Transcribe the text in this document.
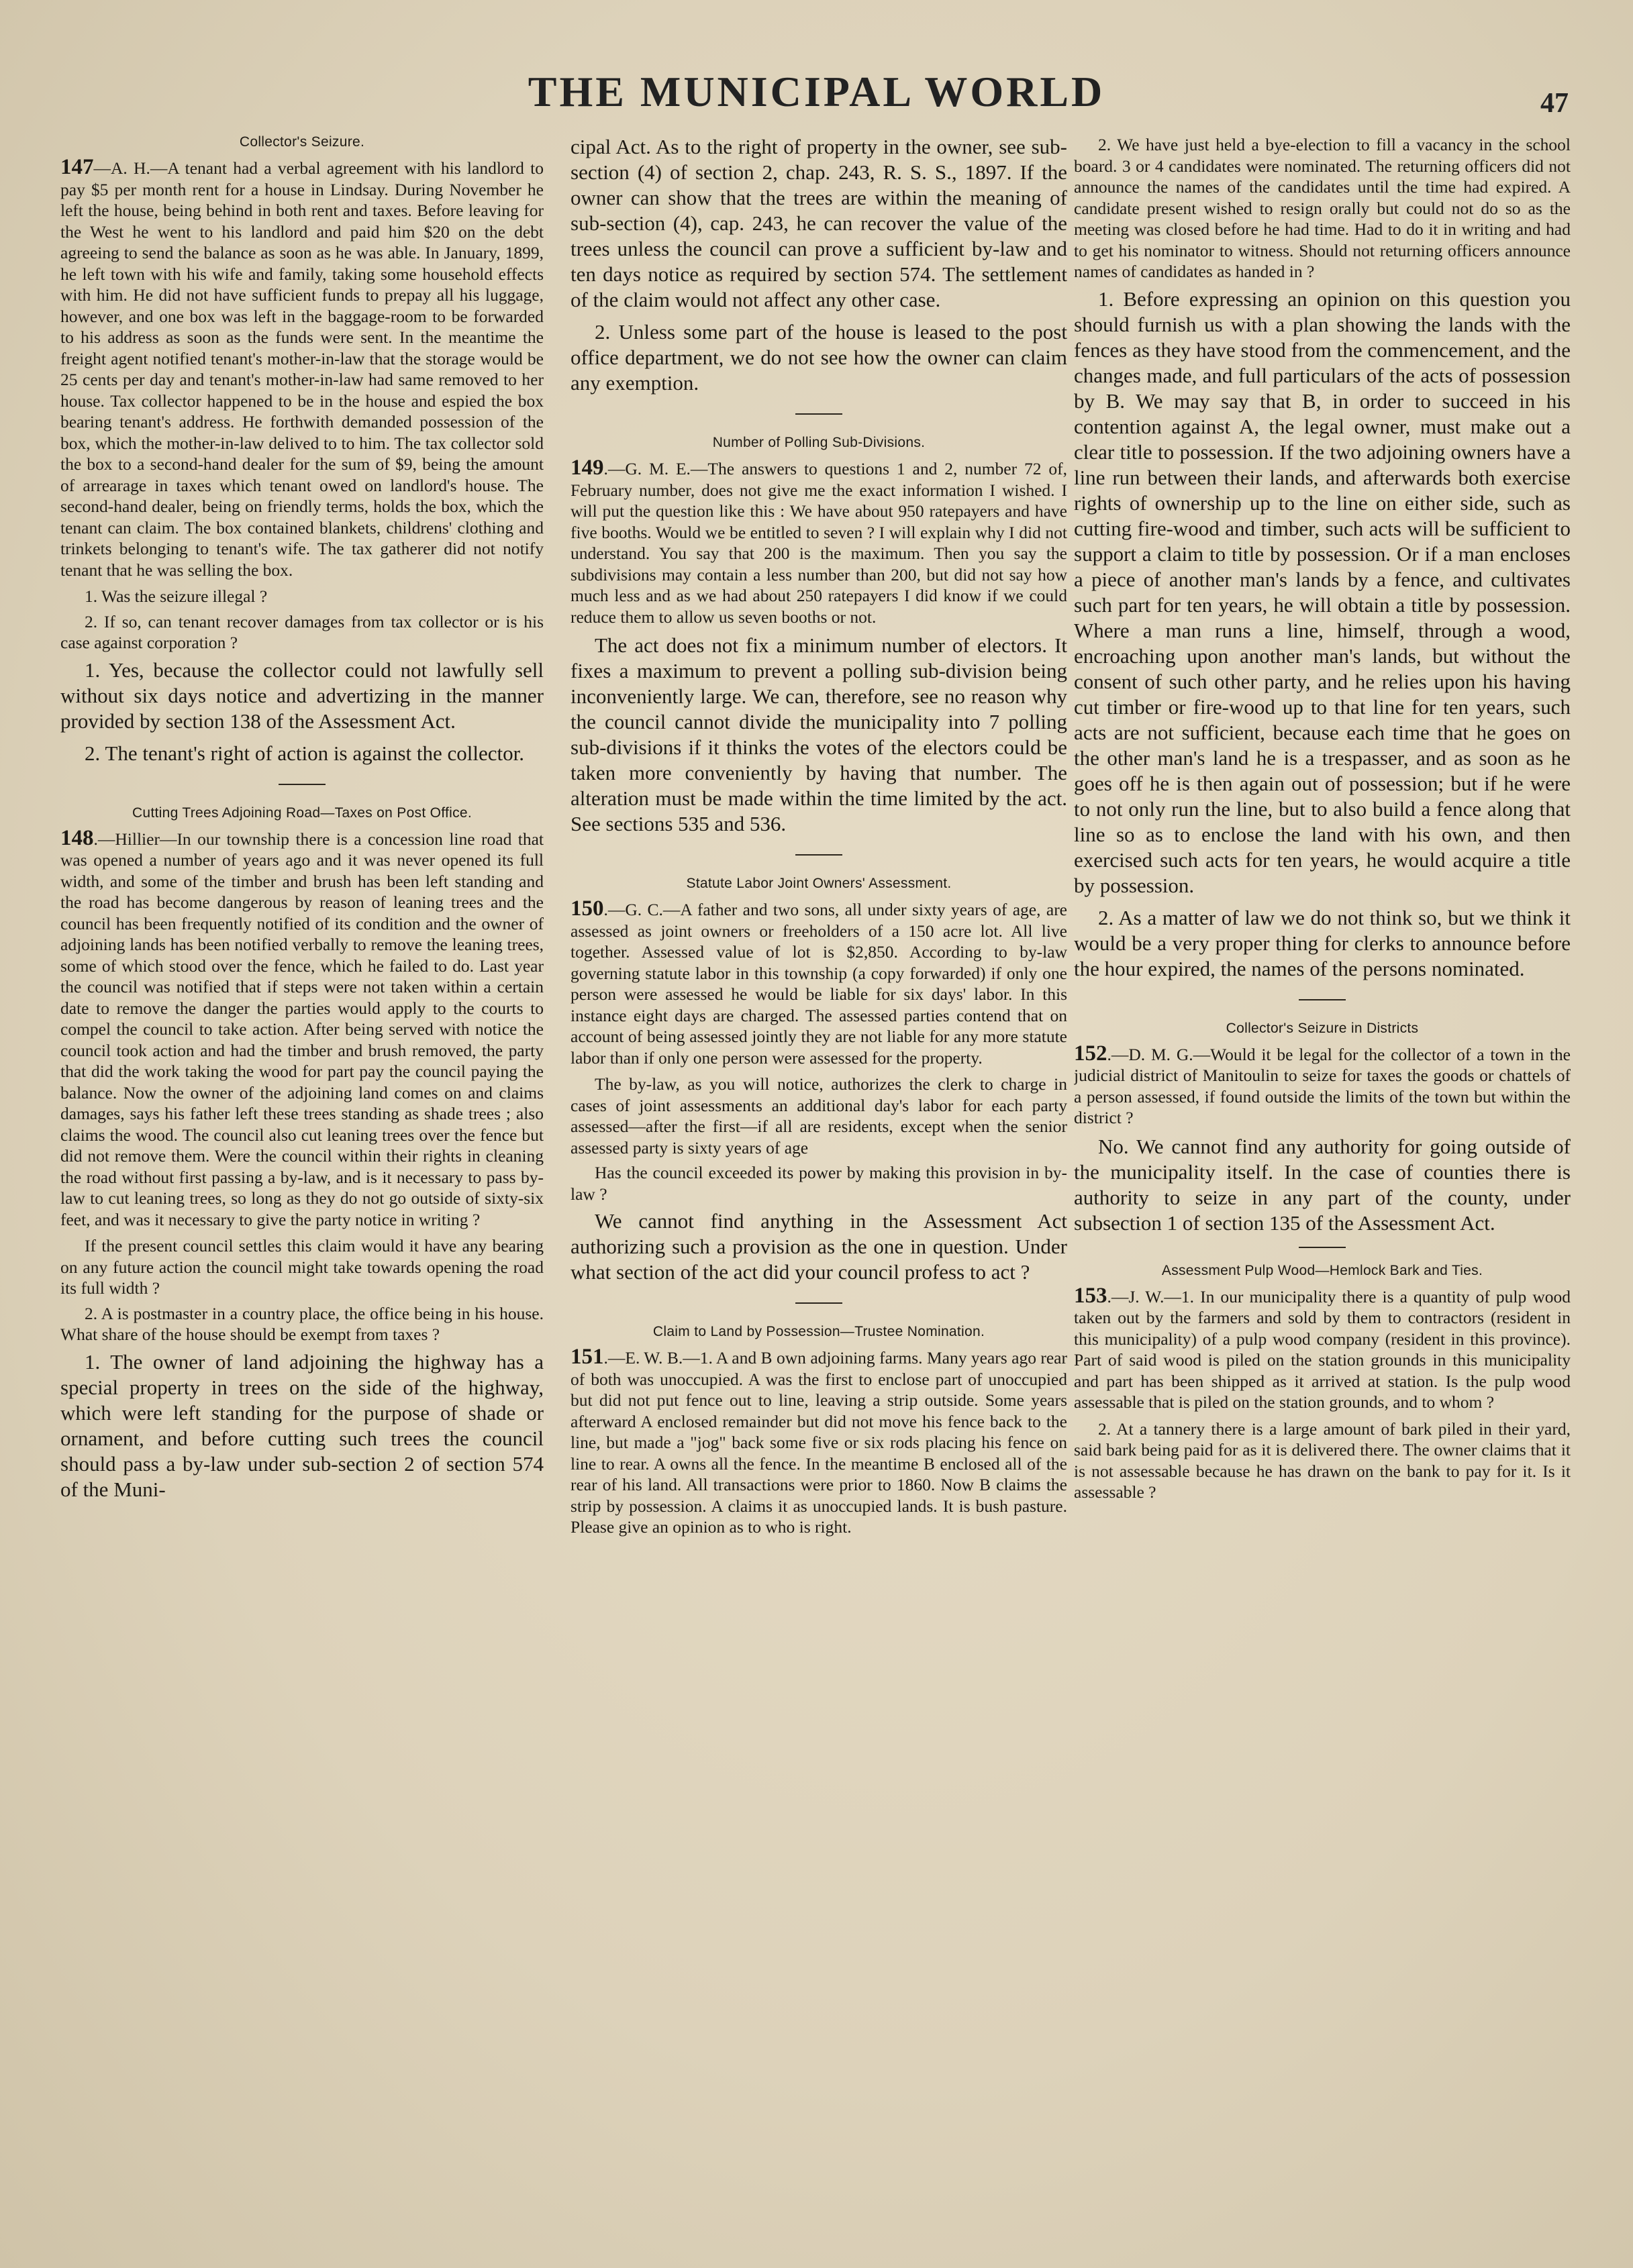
THE MUNICIPAL WORLD	47
Collector's Seizure.

147—A. H.—A tenant had a verbal agreement with his landlord to pay $5 per month rent for a house in Lindsay. During November he left the house, being behind in both rent and taxes. Before leaving for the West he went to his landlord and paid him $20 on the debt agreeing to send the balance as soon as he was able. In January, 1899, he left town with his wife and family, taking some household effects with him. He did not have sufficient funds to prepay all his luggage, however, and one box was left in the baggage-room to be forwarded to his address as soon as the funds were sent. In the meantime the freight agent notified tenant's mother-in-law that the storage would be 25 cents per day and tenant's mother-in-law had same removed to her house. Tax collector happened to be in the house and espied the box bearing tenant's address. He forthwith demanded possession of the box, which the mother-in-law delived to to him. The tax collector sold the box to a second-hand dealer for the sum of $9, being the amount of arrearage in taxes which tenant owed on landlord's house. The second-hand dealer, being on friendly terms, holds the box, which the tenant can claim. The box contained blankets, childrens' clothing and trinkets belonging to tenant's wife. The tax gatherer did not notify tenant that he was selling the box.

1. Was the seizure illegal ?

2. If so, can tenant recover damages from tax collector or is his case against corporation ?

1. Yes, because the collector could not lawfully sell without six days notice and advertizing in the manner provided by section 138 of the Assessment Act.

2. The tenant's right of action is against the collector.

Cutting Trees Adjoining Road—Taxes on Post Office.

148.—Hillier—In our township there is a concession line road that was opened a number of years ago and it was never opened its full width, and some of the timber and brush has been left standing and the road has become dangerous by reason of leaning trees and the council has been frequently notified of its condition and the owner of adjoining lands has been notified verbally to remove the leaning trees, some of which stood over the fence, which he failed to do. Last year the council was notified that if steps were not taken within a certain date to remove the danger the parties would apply to the courts to compel the council to take action. After being served with notice the council took action and had the timber and brush removed, the party that did the work taking the wood for part pay the council paying the balance. Now the owner of the adjoining land comes on and claims damages, says his father left these trees standing as shade trees ; also claims the wood. The council also cut leaning trees over the fence but did not remove them. Were the council within their rights in cleaning the road without first passing a by-law, and is it necessary to pass by-law to cut leaning trees, so long as they do not go outside of sixty-six feet, and was it necessary to give the party notice in writing ?

If the present council settles this claim would it have any bearing on any future action the council might take towards opening the road its full width ?

2. A is postmaster in a country place, the office being in his house. What share of the house should be exempt from taxes ?

1. The owner of land adjoining the highway has a special property in trees on the side of the highway, which were left standing for the purpose of shade or ornament, and before cutting such trees the council should pass a by-law under sub-section 2 of section 574 of the Muni-

cipal Act. As to the right of property in the owner, see sub-section (4) of section 2, chap. 243, R. S. S., 1897. If the owner can show that the trees are within the meaning of sub-section (4), cap. 243, he can recover the value of the trees unless the council can prove a sufficient by-law and ten days notice as required by section 574. The settlement of the claim would not affect any other case.

2. Unless some part of the house is leased to the post office department, we do not see how the owner can claim any exemption.

Number of Polling Sub-Divisions.

149.—G. M. E.—The answers to questions 1 and 2, number 72 of, February number, does not give me the exact information I wished. I will put the question like this : We have about 950 ratepayers and have five booths. Would we be entitled to seven ? I will explain why I did not understand. You say that 200 is the maximum. Then you say the subdivisions may contain a less number than 200, but did not say how much less and as we had about 250 ratepayers I did know if we could reduce them to allow us seven booths or not.

The act does not fix a minimum number of electors. It fixes a maximum to prevent a polling sub-division being inconveniently large. We can, therefore, see no reason why the council cannot divide the municipality into 7 polling sub-divisions if it thinks the votes of the electors could be taken more conveniently by having that number. The alteration must be made within the time limited by the act. See sections 535 and 536.

Statute Labor Joint Owners' Assessment.

150.—G. C.—A father and two sons, all under sixty years of age, are assessed as joint owners or freeholders of a 150 acre lot. All live together. Assessed value of lot is $2,850. According to by-law governing statute labor in this township (a copy forwarded) if only one person were assessed he would be liable for six days' labor. In this instance eight days are charged. The assessed parties contend that on account of being assessed jointly they are not liable for any more statute labor than if only one person were assessed for the property.

The by-law, as you will notice, authorizes the clerk to charge in cases of joint assessments an additional day's labor for each party assessed—after the first—if all are residents, except when the senior assessed party is sixty years of age

Has the council exceeded its power by making this provision in by-law ?

We cannot find anything in the Assessment Act authorizing such a provision as the one in question. Under what section of the act did your council profess to act ?

Claim to Land by Possession—Trustee Nomination.

151.—E. W. B.—1. A and B own adjoining farms. Many years ago rear of both was unoccupied. A was the first to enclose part of unoccupied but did not put fence out to line, leaving a strip outside. Some years afterward A enclosed remainder but did not move his fence back to the line, but made a "jog" back some five or six rods placing his fence on line to rear. A owns all the fence. In the meantime B enclosed all of the rear of his land. All transactions were prior to 1860. Now B claims the strip by possession. A claims it as unoccupied lands. It is bush pasture. Please give an opinion as to who is right.

2. We have just held a bye-election to fill a vacancy in the school board. 3 or 4 candidates were nominated. The returning officers did not announce the names of the candidates until the time had expired. A candidate present wished to resign orally but could not do so as the meeting was closed before he had time. Had to do it in writing and had to get his nominator to witness. Should not returning officers announce names of candidates as handed in ?

1. Before expressing an opinion on this question you should furnish us with a plan showing the lands with the fences as they have stood from the commencement, and the changes made, and full particulars of the acts of possession by B. We may say that B, in order to succeed in his contention against A, the legal owner, must make out a clear title to possession. If the two adjoining owners have a line run between their lands, and afterwards both exercise rights of ownership up to the line on either side, such as cutting fire-wood and timber, such acts will be sufficient to support a claim to title by possession. Or if a man encloses a piece of another man's lands by a fence, and cultivates such part for ten years, he will obtain a title by possession. Where a man runs a line, himself, through a wood, encroaching upon another man's lands, but without the consent of such other party, and he relies upon his having cut timber or fire-wood up to that line for ten years, such acts are not sufficient, because each time that he goes on the other man's land he is a trespasser, and as soon as he goes off he is then again out of possession; but if he were to not only run the line, but to also build a fence along that line so as to enclose the land with his own, and then exercised such acts for ten years, he would acquire a title by possession.

2. As a matter of law we do not think so, but we think it would be a very proper thing for clerks to announce before the hour expired, the names of the persons nominated.

Collector's Seizure in Districts

152.—D. M. G.—Would it be legal for the collector of a town in the judicial district of Manitoulin to seize for taxes the goods or chattels of a person assessed, if found outside the limits of the town but within the district ?

No. We cannot find any authority for going outside of the municipality itself. In the case of counties there is authority to seize in any part of the county, under subsection 1 of section 135 of the Assessment Act.

Assessment Pulp Wood—Hemlock Bark and Ties.

153.—J. W.—1. In our municipality there is a quantity of pulp wood taken out by the farmers and sold by them to contractors (resident in this municipality) of a pulp wood company (resident in this province). Part of said wood is piled on the station grounds in this municipality and part has been shipped as it arrived at station. Is the pulp wood assessable that is piled on the station grounds, and to whom ?

2. At a tannery there is a large amount of bark piled in their yard, said bark being paid for as it is delivered there. The owner claims that it is not assessable because he has drawn on the bank to pay for it. Is it assessable ?
